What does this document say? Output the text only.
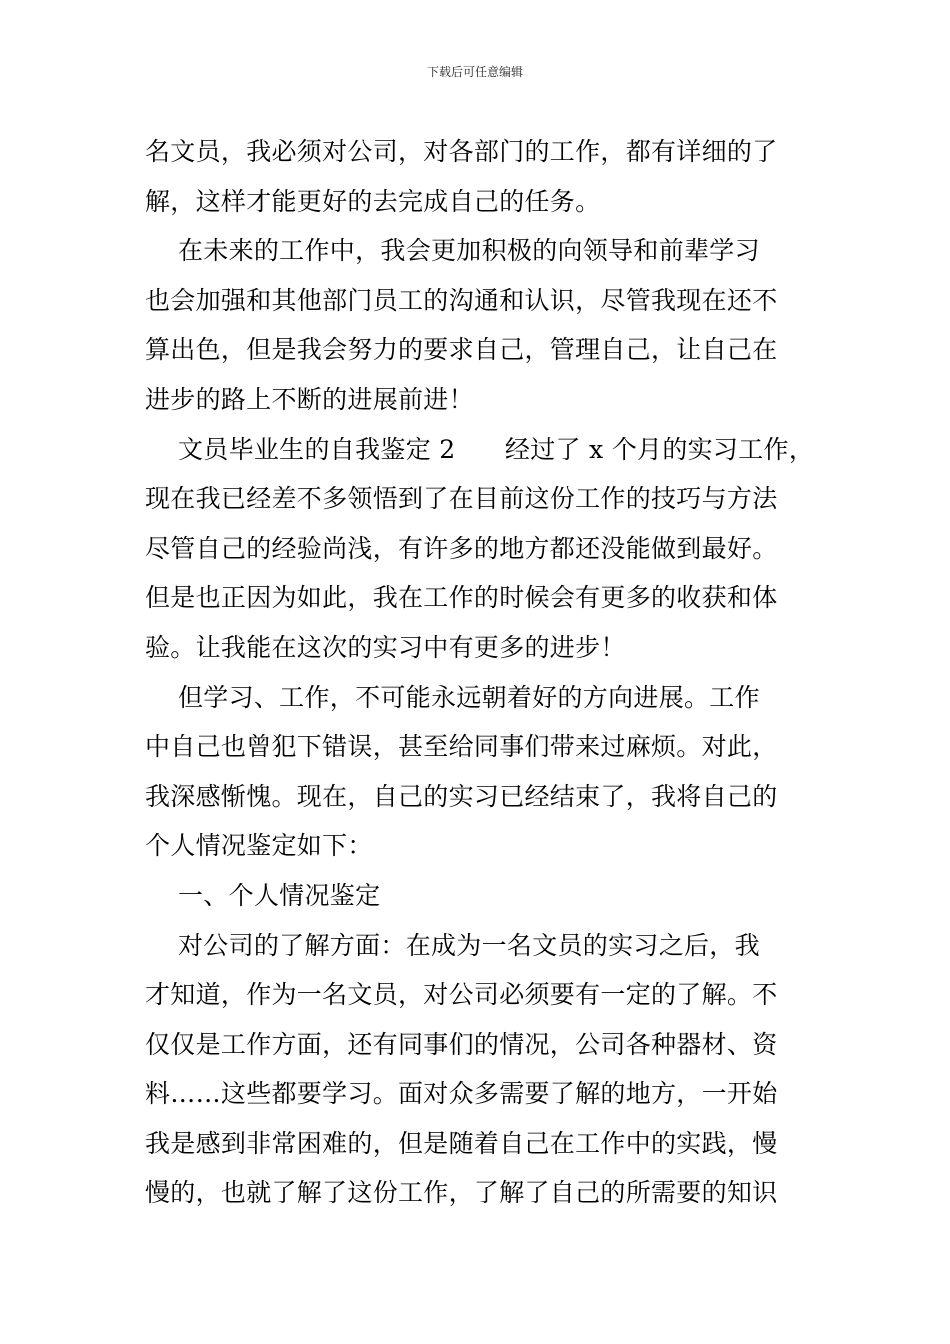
下载后可任意编辑
名文员，我必须对公司，对各部门的工作，都有详细的了
解，这样才能更好的去完成自己的任务。
在未来的工作中，我会更加积极的向领导和前辈学习
也会加强和其他部门员工的沟通和认识，尽管我现在还不
算出色，但是我会努力的要求自己，管理自己，让自己在
进步的路上不断的进展前进！
文员毕业生的自我鉴定 2      经过了 x 个月的实习工作，
现在我已经差不多领悟到了在目前这份工作的技巧与方法
尽管自己的经验尚浅，有许多的地方都还没能做到最好。
但是也正因为如此，我在工作的时候会有更多的收获和体
验。让我能在这次的实习中有更多的进步！
但学习、工作，不可能永远朝着好的方向进展。工作
中自己也曾犯下错误，甚至给同事们带来过麻烦。对此，
我深感惭愧。现在，自己的实习已经结束了，我将自己的
个人情况鉴定如下：
一、个人情况鉴定
对公司的了解方面：在成为一名文员的实习之后，我
才知道，作为一名文员，对公司必须要有一定的了解。不
仅仅是工作方面，还有同事们的情况，公司各种器材、资
料……这些都要学习。面对众多需要了解的地方，一开始
我是感到非常困难的，但是随着自己在工作中的实践，慢
慢的，也就了解了这份工作，了解了自己的所需要的知识
